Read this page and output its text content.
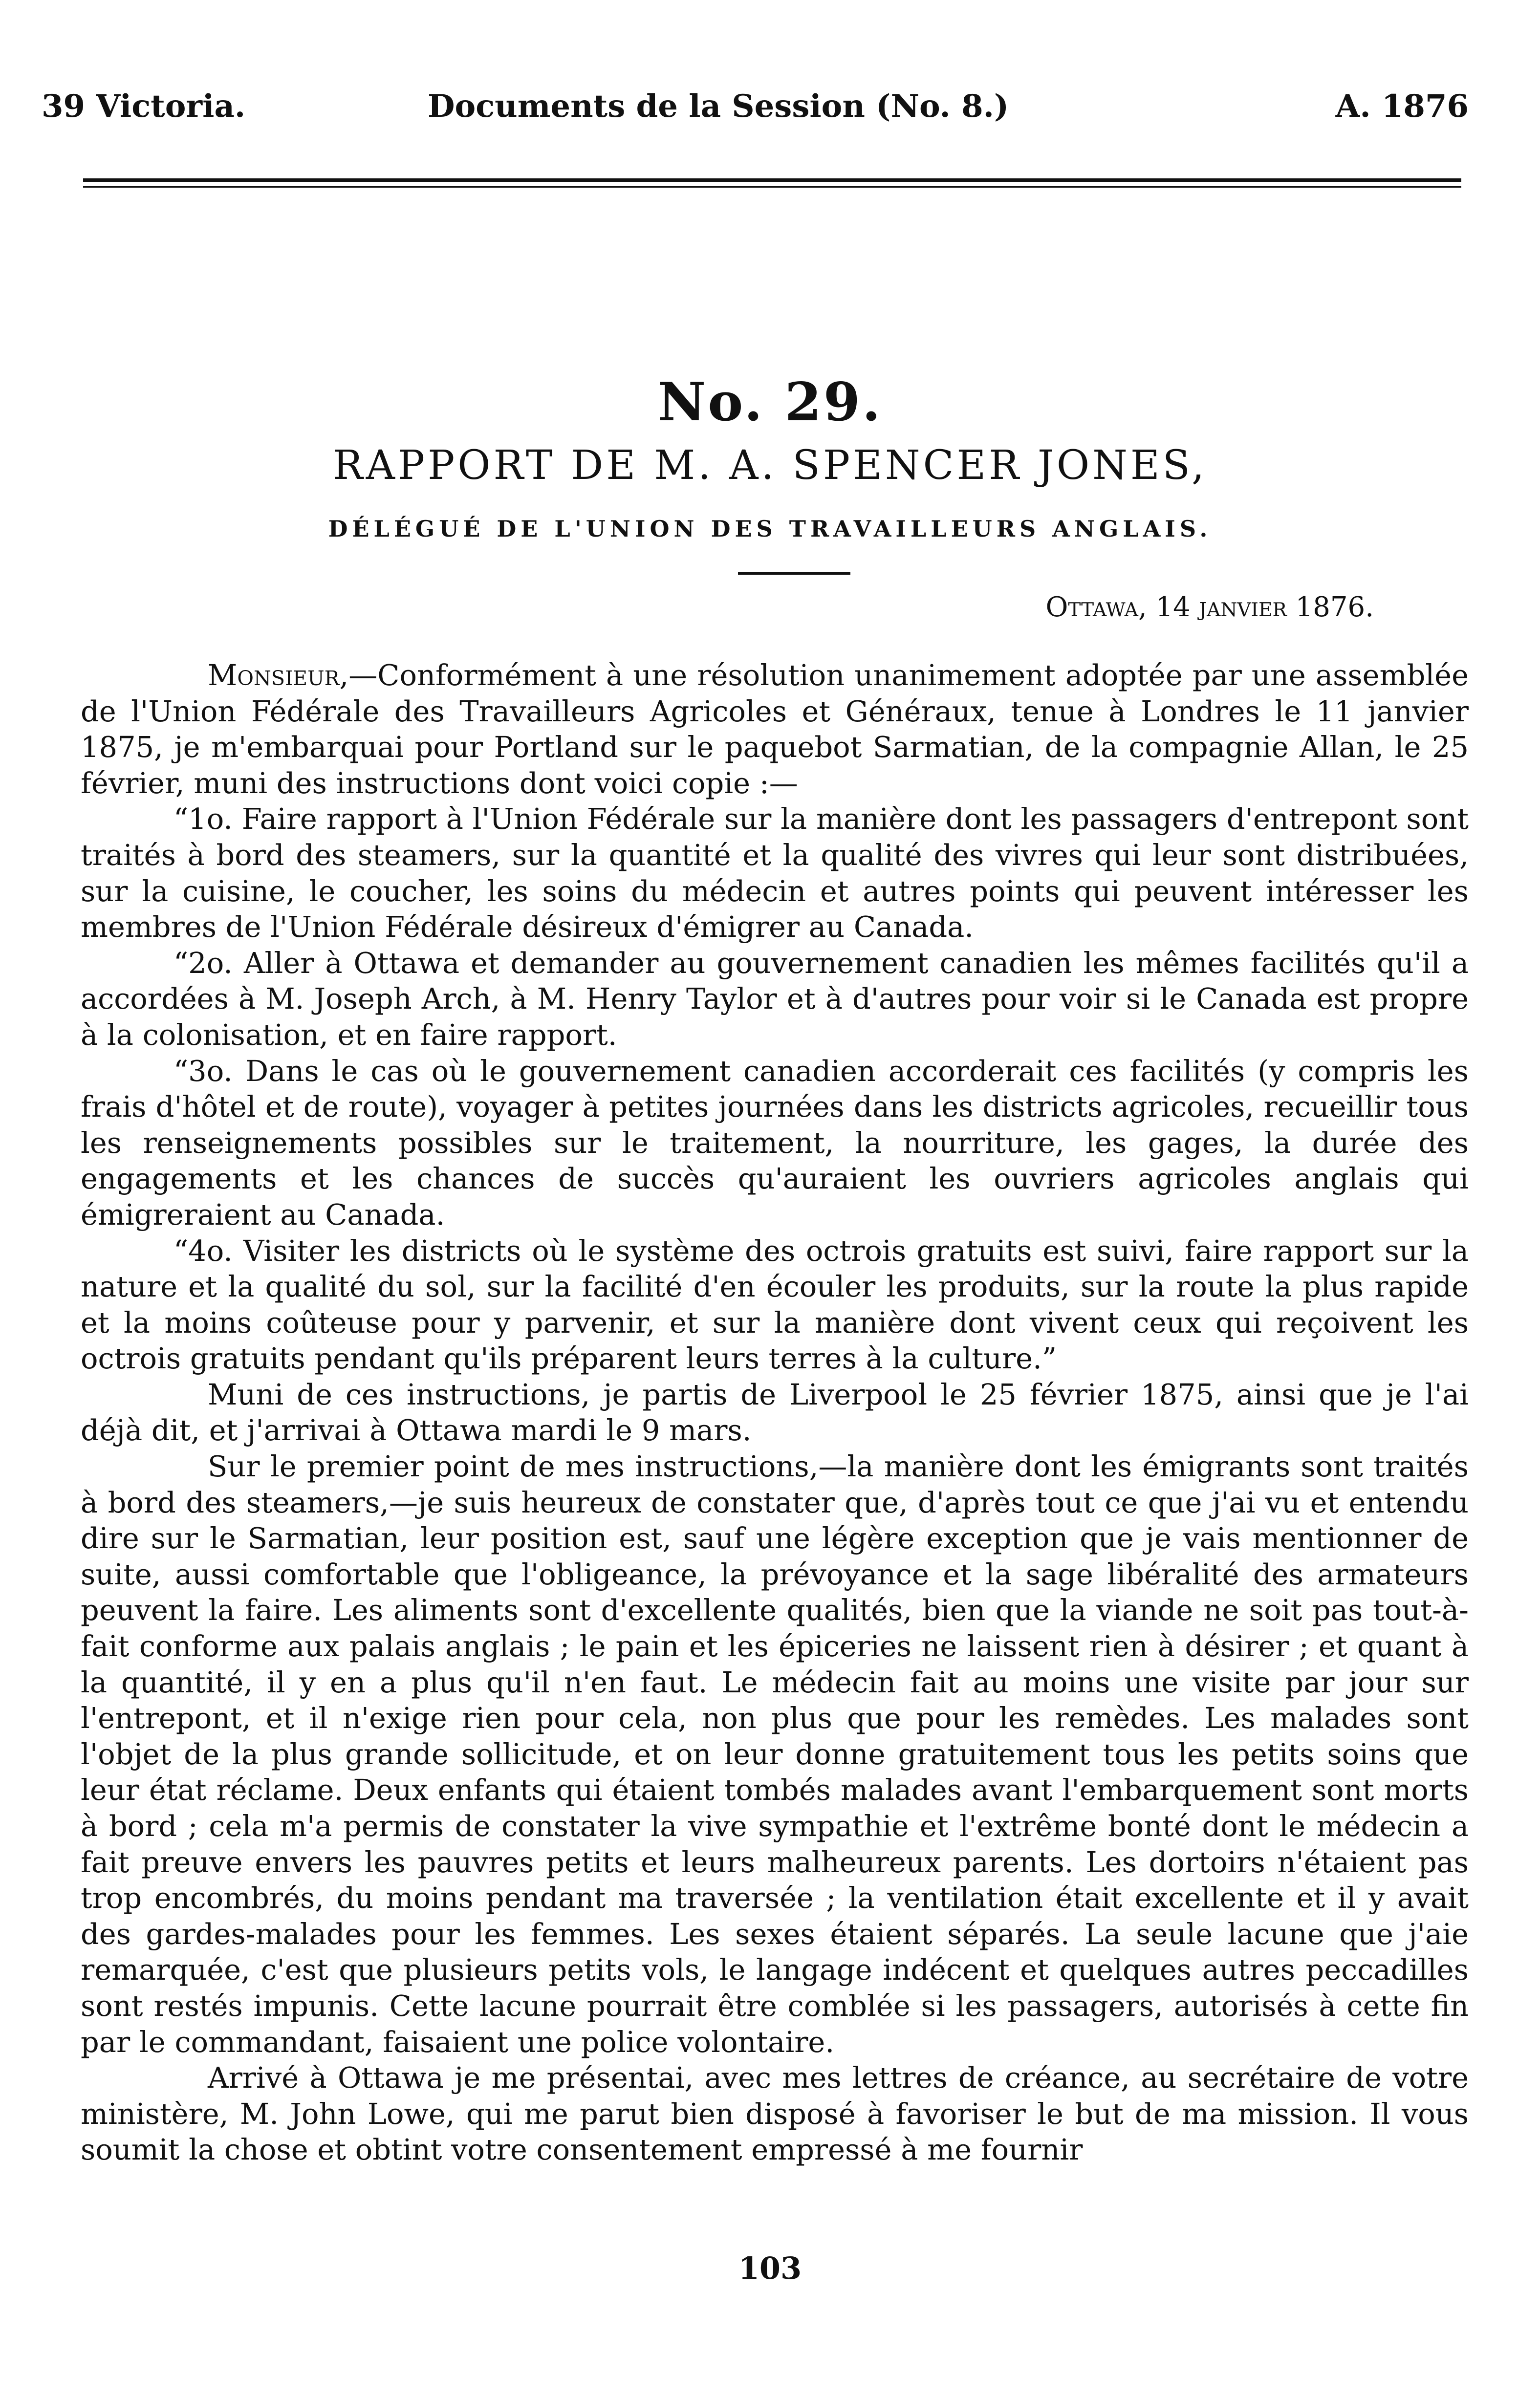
39 Victoria.	Documents de la Session (No. 8.)	A. 1876
No. 29.
RAPPORT DE M. A. SPENCER JONES,
DÉLÉGUÉ DE L'UNION DES TRAVAILLEURS ANGLAIS.
Ottawa, 14 janvier 1876.

Monsieur,—Conformément à une résolution unanimement adoptée par une assemblée de l'Union Fédérale des Travailleurs Agricoles et Généraux, tenue à Londres le 11 janvier 1875, je m'embarquai pour Portland sur le paquebot Sarmatian, de la compagnie Allan, le 25 février, muni des instructions dont voici copie :—

“1o. Faire rapport à l'Union Fédérale sur la manière dont les passagers d'entrepont sont traités à bord des steamers, sur la quantité et la qualité des vivres qui leur sont distribuées, sur la cuisine, le coucher, les soins du médecin et autres points qui peuvent intéresser les membres de l'Union Fédérale désireux d'émigrer au Canada.

“2o. Aller à Ottawa et demander au gouvernement canadien les mêmes facilités qu'il a accordées à M. Joseph Arch, à M. Henry Taylor et à d'autres pour voir si le Canada est propre à la colonisation, et en faire rapport.

“3o. Dans le cas où le gouvernement canadien accorderait ces facilités (y compris les frais d'hôtel et de route), voyager à petites journées dans les districts agricoles, recueillir tous les renseignements possibles sur le traitement, la nourriture, les gages, la durée des engagements et les chances de succès qu'auraient les ouvriers agricoles anglais qui émigreraient au Canada.

“4o. Visiter les districts où le système des octrois gratuits est suivi, faire rapport sur la nature et la qualité du sol, sur la facilité d'en écouler les produits, sur la route la plus rapide et la moins coûteuse pour y parvenir, et sur la manière dont vivent ceux qui reçoivent les octrois gratuits pendant qu'ils préparent leurs terres à la culture.”

Muni de ces instructions, je partis de Liverpool le 25 février 1875, ainsi que je l'ai déjà dit, et j'arrivai à Ottawa mardi le 9 mars.

Sur le premier point de mes instructions,—la manière dont les émigrants sont traités à bord des steamers,—je suis heureux de constater que, d'après tout ce que j'ai vu et entendu dire sur le Sarmatian, leur position est, sauf une légère exception que je vais mentionner de suite, aussi comfortable que l'obligeance, la prévoyance et la sage libéralité des armateurs peuvent la faire. Les aliments sont d'excellente qualités, bien que la viande ne soit pas tout-à-fait conforme aux palais anglais ; le pain et les épiceries ne laissent rien à désirer ; et quant à la quantité, il y en a plus qu'il n'en faut. Le médecin fait au moins une visite par jour sur l'entrepont, et il n'exige rien pour cela, non plus que pour les remèdes. Les malades sont l'objet de la plus grande sollicitude, et on leur donne gratuitement tous les petits soins que leur état réclame. Deux enfants qui étaient tombés malades avant l'embarquement sont morts à bord ; cela m'a permis de constater la vive sympathie et l'extrême bonté dont le médecin a fait preuve envers les pauvres petits et leurs malheureux parents. Les dortoirs n'étaient pas trop encombrés, du moins pendant ma traversée ; la ventilation était excellente et il y avait des gardes-malades pour les femmes. Les sexes étaient séparés. La seule lacune que j'aie remarquée, c'est que plusieurs petits vols, le langage indécent et quelques autres peccadilles sont restés impunis. Cette lacune pourrait être comblée si les passagers, autorisés à cette fin par le commandant, faisaient une police volontaire.

Arrivé à Ottawa je me présentai, avec mes lettres de créance, au secrétaire de votre ministère, M. John Lowe, qui me parut bien disposé à favoriser le but de ma mission. Il vous soumit la chose et obtint votre consentement empressé à me fournir

103
